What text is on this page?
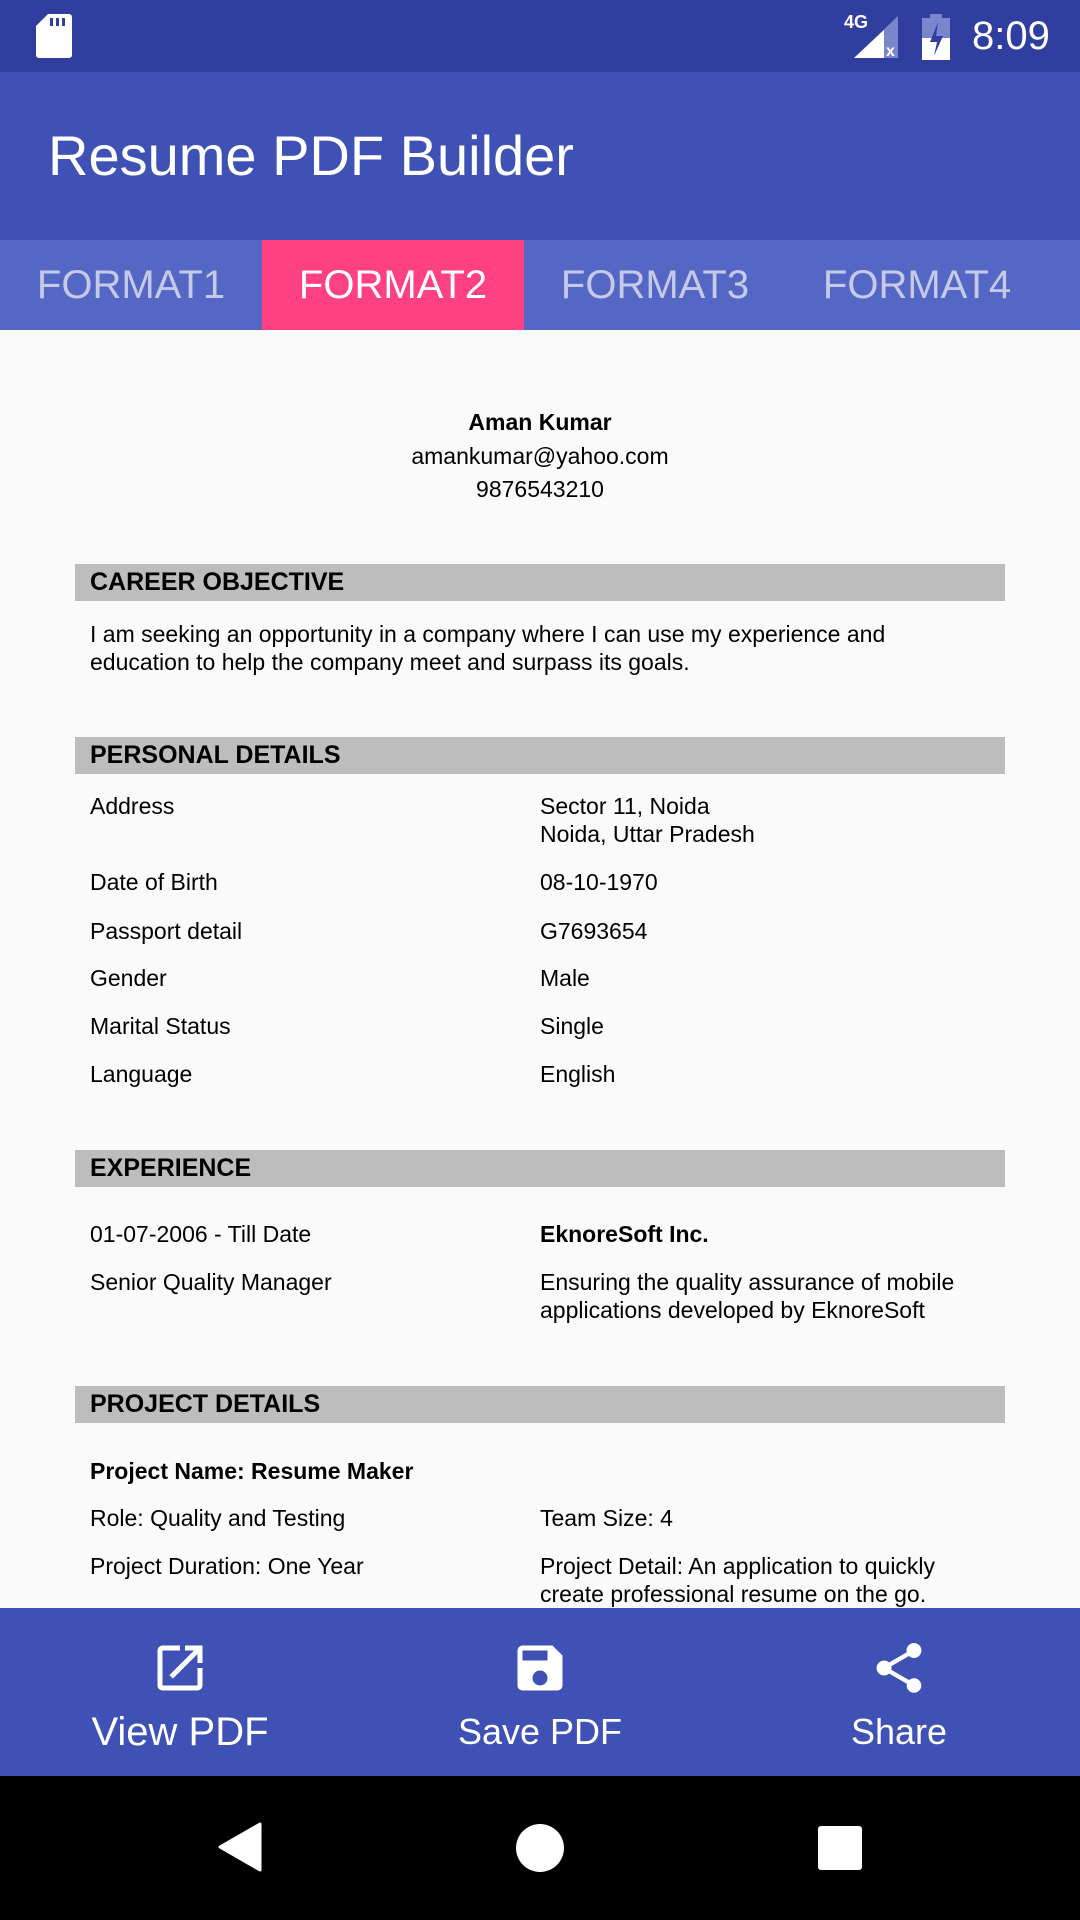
4G
x 8:09
Resume PDF Builder
FORMAT1	FORMAT2	FORMAT3	FORMAT4
Aman Kumar
amankumar@yahoo.com
9876543210
CAREER OBJECTIVE
I am seeking an opportunity in a company where I can use my experience and
education to help the company meet and surpass its goals.
PERSONAL DETAILS
Address	Sector 11, Noida
Noida, Uttar Pradesh
Date of Birth	08-10-1970
Passport detail	G7693654
Gender	Male
Marital Status	Single
Language	English
EXPERIENCE
01-07-2006 - Till Date	EknoreSoft Inc.
Senior Quality Manager	Ensuring the quality assurance of mobile
applications developed by EknoreSoft
PROJECT DETAILS
Project Name: Resume Maker
Role: Quality and Testing	Team Size: 4
Project Duration: One Year	Project Detail: An application to quickly
create professional resume on the go.
View PDF	Save PDF	Share
